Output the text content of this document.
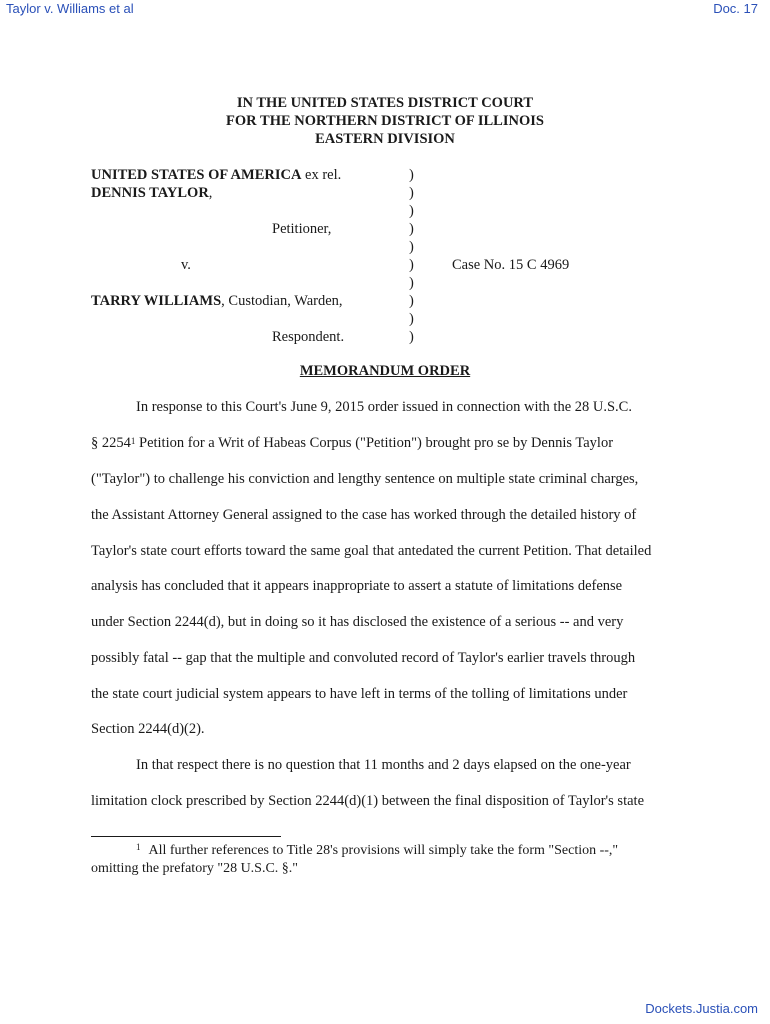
Taylor v. Williams et al	Doc. 17
IN THE UNITED STATES DISTRICT COURT
FOR THE NORTHERN DISTRICT OF ILLINOIS
EASTERN DIVISION
UNITED STATES OF AMERICA ex rel.
DENNIS TAYLOR,
Petitioner,
v.	Case No. 15 C 4969
TARRY WILLIAMS, Custodian, Warden,
Respondent.
)
)
)
)
)
)
)
)
)
)
MEMORANDUM ORDER
In response to this Court's June 9, 2015 order issued in connection with the 28 U.S.C.
§ 2254$^1$ Petition for a Writ of Habeas Corpus ("Petition") brought pro se by Dennis Taylor
("Taylor") to challenge his conviction and lengthy sentence on multiple state criminal charges,
the Assistant Attorney General assigned to the case has worked through the detailed history of
Taylor's state court efforts toward the same goal that antedated the current Petition. That detailed
analysis has concluded that it appears inappropriate to assert a statute of limitations defense
under Section 2244(d), but in doing so it has disclosed the existence of a serious -- and very
possibly fatal -- gap that the multiple and convoluted record of Taylor's earlier travels through
the state court judicial system appears to have left in terms of the tolling of limitations under
Section 2244(d)(2).
In that respect there is no question that 11 months and 2 days elapsed on the one-year
limitation clock prescribed by Section 2244(d)(1) between the final disposition of Taylor's state
$^1$ All further references to Title 28's provisions will simply take the form "Section --,"
omitting the prefatory "28 U.S.C. §."
Dockets.Justia.com
